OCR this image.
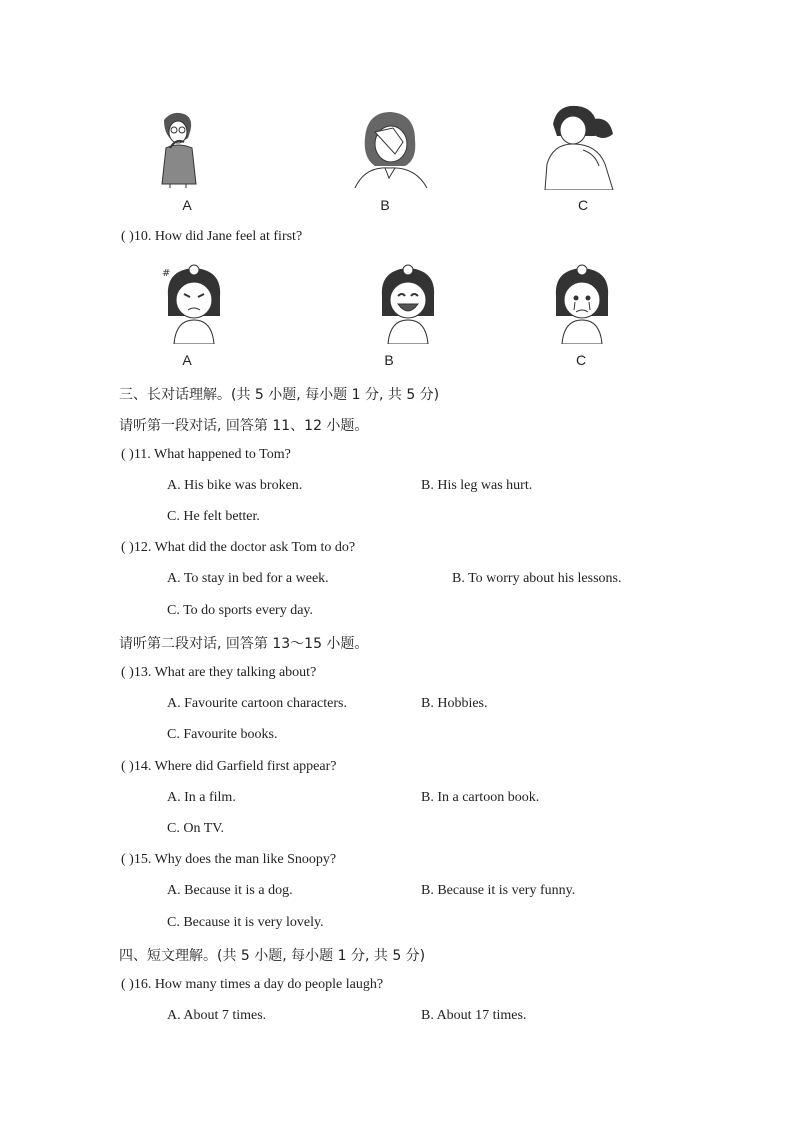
A	B	C
( )10. How did Jane feel at first?
#
A	B	C
三、长对话理解。(共 5 小题, 每小题 1 分, 共 5 分)
请听第一段对话, 回答第 11、12 小题。
( )11. What happened to Tom?
A. His bike was broken.	B. His leg was hurt.
C. He felt better.
( )12. What did the doctor ask Tom to do?
A. To stay in bed for a week.	B. To worry about his lessons.
C. To do sports every day.
请听第二段对话, 回答第 13～15 小题。
( )13. What are they talking about?
A. Favourite cartoon characters.	B. Hobbies.
C. Favourite books.
( )14. Where did Garfield first appear?
A. In a film.	B. In a cartoon book.
C. On TV.
( )15. Why does the man like Snoopy?
A. Because it is a dog.	B. Because it is very funny.
C. Because it is very lovely.
四、短文理解。(共 5 小题, 每小题 1 分, 共 5 分)
( )16. How many times a day do people laugh?
A. About 7 times.	B. About 17 times.
